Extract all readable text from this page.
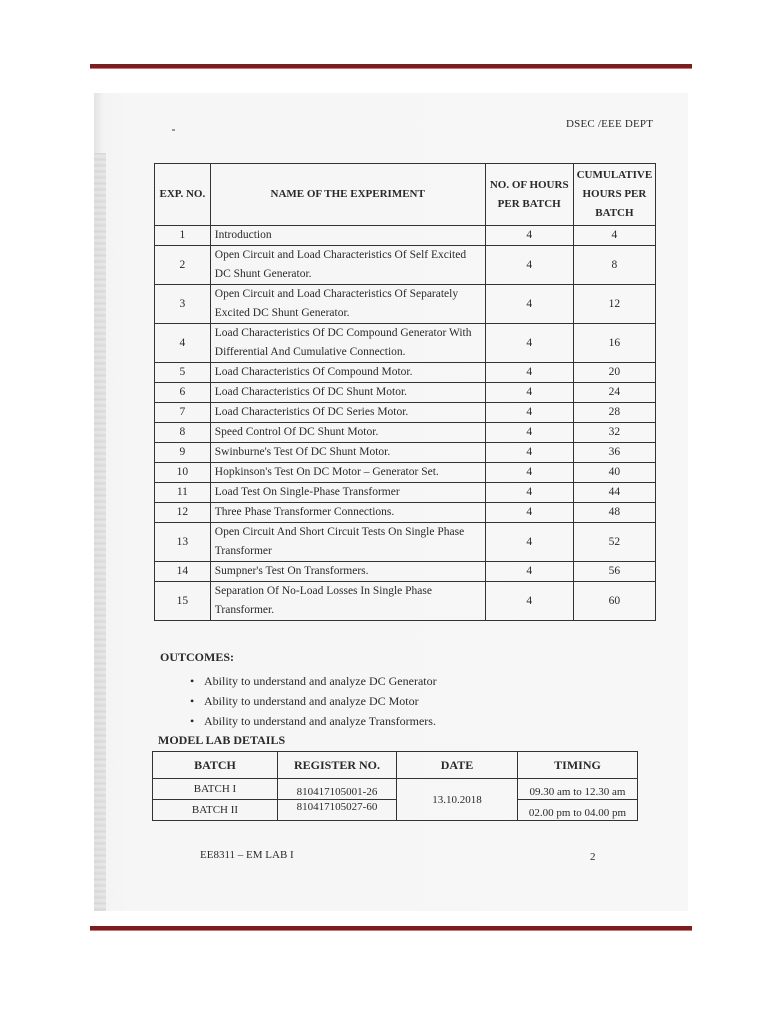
DSEC /EEE DEPT
EXP. NO.	NAME OF THE EXPERIMENT	NO. OF HOURS PER BATCH	CUMULATIVE HOURS PER BATCH
1	Introduction	4	4
2	Open Circuit and Load Characteristics Of Self Excited DC Shunt Generator.	4	8
3	Open Circuit and Load Characteristics Of Separately Excited DC Shunt Generator.	4	12
4	Load Characteristics Of DC Compound Generator With Differential And Cumulative Connection.	4	16
5	Load Characteristics Of Compound Motor.	4	20
6	Load Characteristics Of DC Shunt Motor.	4	24
7	Load Characteristics Of DC Series Motor.	4	28
8	Speed Control Of DC Shunt Motor.	4	32
9	Swinburne's Test Of DC Shunt Motor.	4	36
10	Hopkinson's Test On DC Motor – Generator Set.	4	40
11	Load Test On Single-Phase Transformer	4	44
12	Three Phase Transformer Connections.	4	48
13	Open Circuit And Short Circuit Tests On Single Phase Transformer	4	52
14	Sumpner's Test On Transformers.	4	56
15	Separation Of No-Load Losses In Single Phase Transformer.	4	60
OUTCOMES:
• Ability to understand and analyze DC Generator
• Ability to understand and analyze DC Motor
• Ability to understand and analyze Transformers.
MODEL LAB DETAILS
BATCH	REGISTER NO.	DATE	TIMING
BATCH I	810417105001-26	13.10.2018	09.30 am to 12.30 am
BATCH II	810417105027-60		02.00 pm to 04.00 pm
EE8311 – EM LAB I	2
